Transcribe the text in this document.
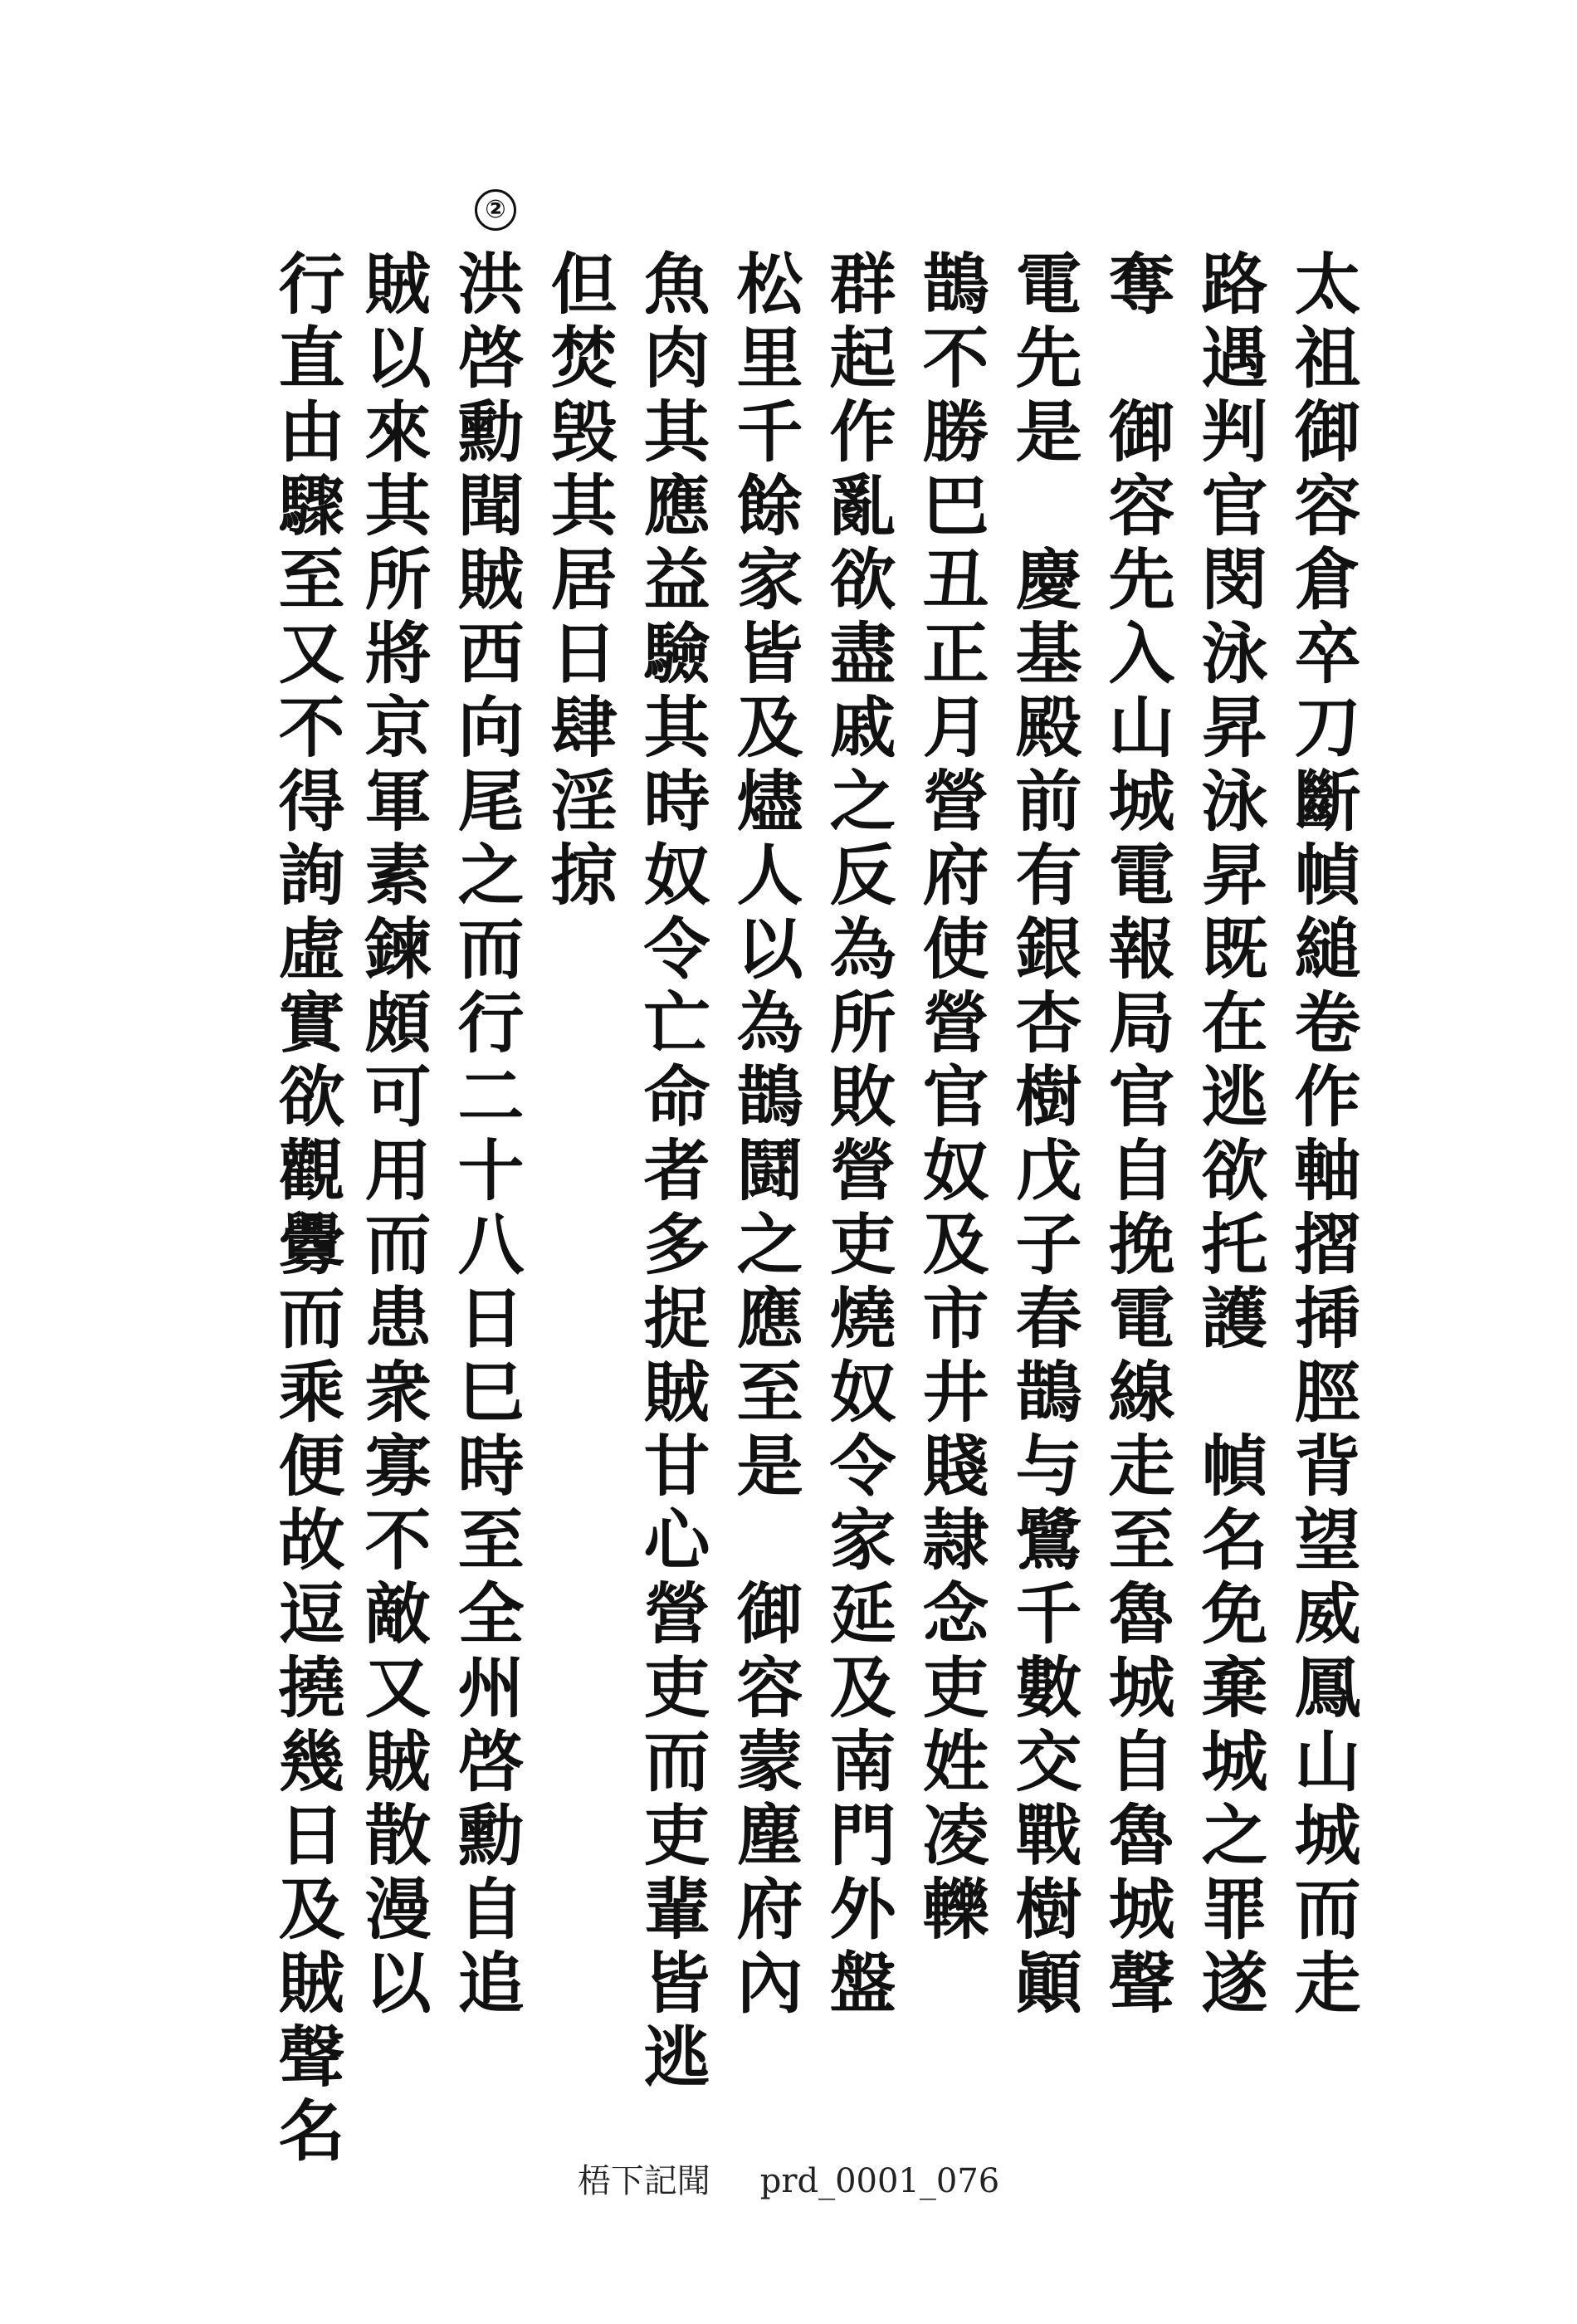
②
太祖御容倉卒刀斷幀縋卷作軸摺揷脛背望威鳳山城而走
路遇判官閔泳昇泳昇既在逃欲托護　幀名免棄城之罪遂
奪　御容先入山城電報局官自挽電線走至魯城自魯城聲
電先是　慶基殿前有銀杏樹戊子春鵲与鷺千數交戰樹顚
鵲不勝巴丑正月營府使營官奴及市井賤隷念吏姓凌轢
群起作亂欲盡戚之反為所敗營吏燒奴令家延及南門外盤
松里千餘家皆及燼人以為鵲鬪之應至是　御容蒙塵府內
魚肉其應益驗其時奴令亡命者多捉賊甘心營吏而吏輩皆逃
但焚毁其居日肆淫掠
洪啓勳聞賊西向尾之而行二十八日巳時至全州啓勳自追
賊以來其所將京軍素鍊頗可用而患衆寡不敵又賊散漫以
行直由驟至又不得詢虛實欲觀釁而乘便故逗撓幾日及賊聲名
梧下記聞 prd_0001_076
